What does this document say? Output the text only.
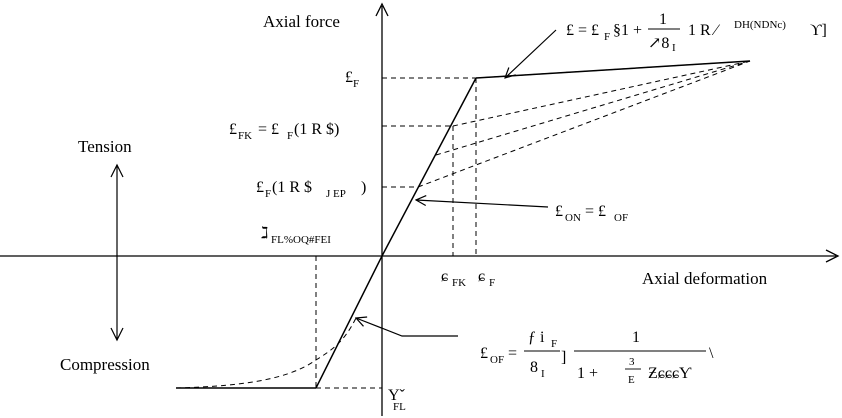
Axial force
Axial deformation
Tension
Compression
£ = £ F §1 +
1
↗8 I
1 R ⁄	DH(NDNc) ϒ]
£ F
£ FK = £ F (1 R $)
£ F (1 R $ J EP )
£ ON = £ OF
ℷ FL%OQ#FEI
ɕ FK ɕ F
£ OF =
ƒ i F
8 I
]
1
1 +
3
E ƵɕɕɕƳ
\
Yˇ
FL
